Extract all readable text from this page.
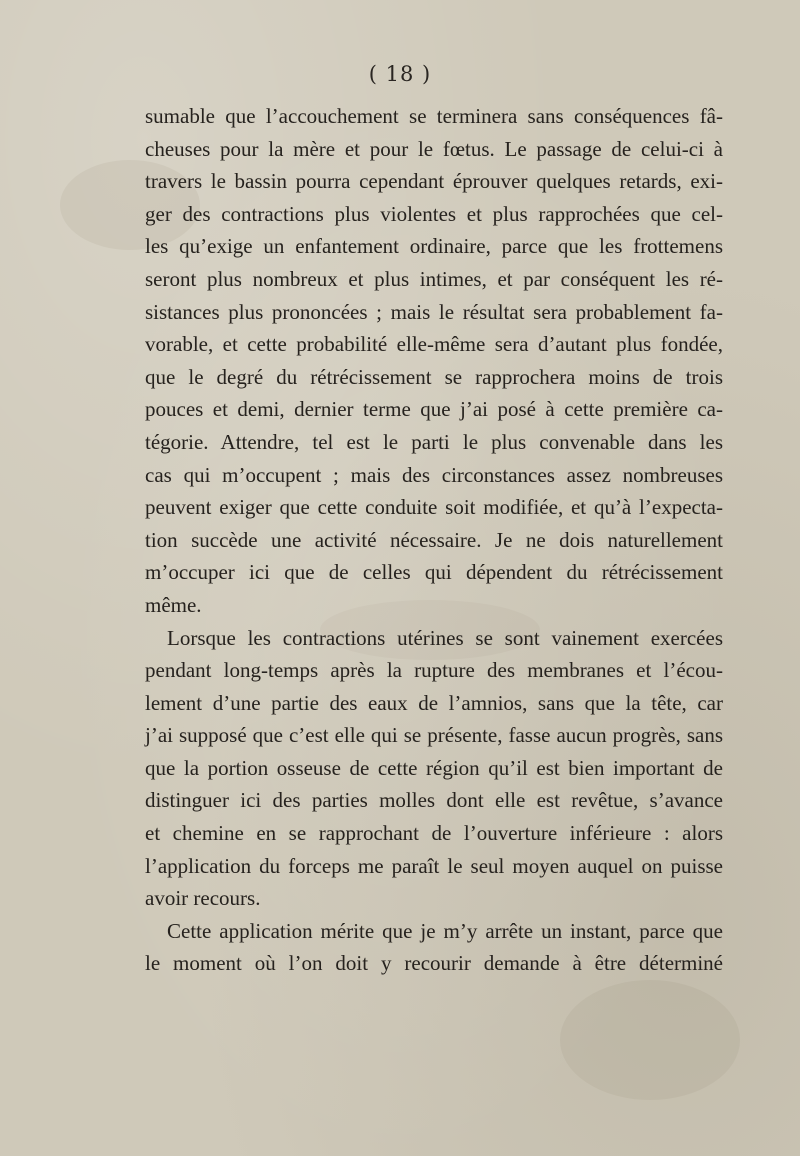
( 18 )
sumable que l’accouchement se terminera sans conséquences fâ-
cheuses pour la mère et pour le fœtus. Le passage de celui-ci à
travers le bassin pourra cependant éprouver quelques retards, exi-
ger des contractions plus violentes et plus rapprochées que cel-
les qu’exige un enfantement ordinaire, parce que les frottemens
seront plus nombreux et plus intimes, et par conséquent les ré-
sistances plus prononcées ; mais le résultat sera probablement fa-
vorable, et cette probabilité elle-même sera d’autant plus fondée,
que le degré du rétrécissement se rapprochera moins de trois
pouces et demi, dernier terme que j’ai posé à cette première ca-
tégorie. Attendre, tel est le parti le plus convenable dans les
cas qui m’occupent ; mais des circonstances assez nombreuses
peuvent exiger que cette conduite soit modifiée, et qu’à l’expecta-
tion succède une activité nécessaire. Je ne dois naturellement
m’occuper ici que de celles qui dépendent du rétrécissement
même.
Lorsque les contractions utérines se sont vainement exercées
pendant long-temps après la rupture des membranes et l’écou-
lement d’une partie des eaux de l’amnios, sans que la tête, car
j’ai supposé que c’est elle qui se présente, fasse aucun progrès, sans
que la portion osseuse de cette région qu’il est bien important de
distinguer ici des parties molles dont elle est revêtue, s’avance
et chemine en se rapprochant de l’ouverture inférieure : alors
l’application du forceps me paraît le seul moyen auquel on puisse
avoir recours.
Cette application mérite que je m’y arrête un instant, parce que
le moment où l’on doit y recourir demande à être déterminé
